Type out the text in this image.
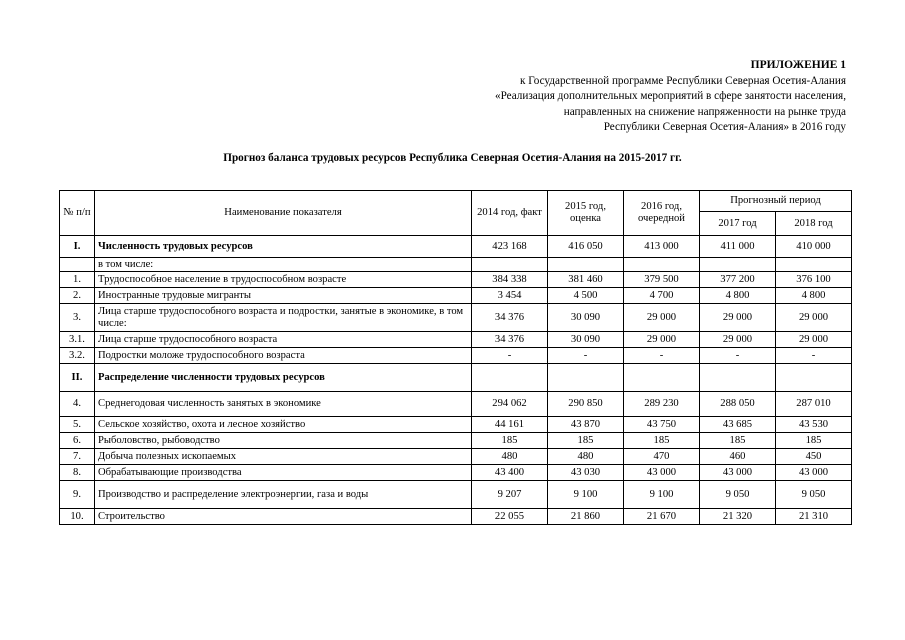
ПРИЛОЖЕНИЕ 1
к Государственной программе Республики Северная Осетия-Алания
«Реализация дополнительных мероприятий в сфере занятости населения,
направленных на снижение напряженности на рынке труда
Республики Северная Осетия-Алания» в 2016 году
Прогноз баланса трудовых ресурсов Республика Северная Осетия-Алания на 2015-2017 гг.
№ п/п	Наименование показателя	2014 год, факт	2015 год, оценка	2016 год, очередной	Прогнозный период	
					2017 год	2018 год
I.	Численность трудовых ресурсов	423 168	416 050	413 000	411 000	410 000
	в том числе:					
1.	Трудоспособное население в трудоспособном возрасте	384 338	381 460	379 500	377 200	376 100
2.	Иностранные трудовые мигранты	3 454	4 500	4 700	4 800	4 800
3.	Лица старше трудоспособного возраста и подростки, занятые в экономике, в том числе:	34 376	30 090	29 000	29 000	29 000
3.1.	Лица старше трудоспособного возраста	34 376	30 090	29 000	29 000	29 000
3.2.	Подростки моложе трудоспособного возраста	-	-	-	-	-
II.	Распределение численности трудовых ресурсов					
4.	Среднегодовая численность занятых в экономике	294 062	290 850	289 230	288 050	287 010
5.	Сельское хозяйство, охота и лесное хозяйство	44 161	43 870	43 750	43 685	43 530
6.	Рыболовство, рыбоводство	185	185	185	185	185
7.	Добыча полезных ископаемых	480	480	470	460	450
8.	Обрабатывающие производства	43 400	43 030	43 000	43 000	43 000
9.	Производство и распределение электроэнергии, газа и воды	9 207	9 100	9 100	9 050	9 050
10.	Строительство	22 055	21 860	21 670	21 320	21 310
